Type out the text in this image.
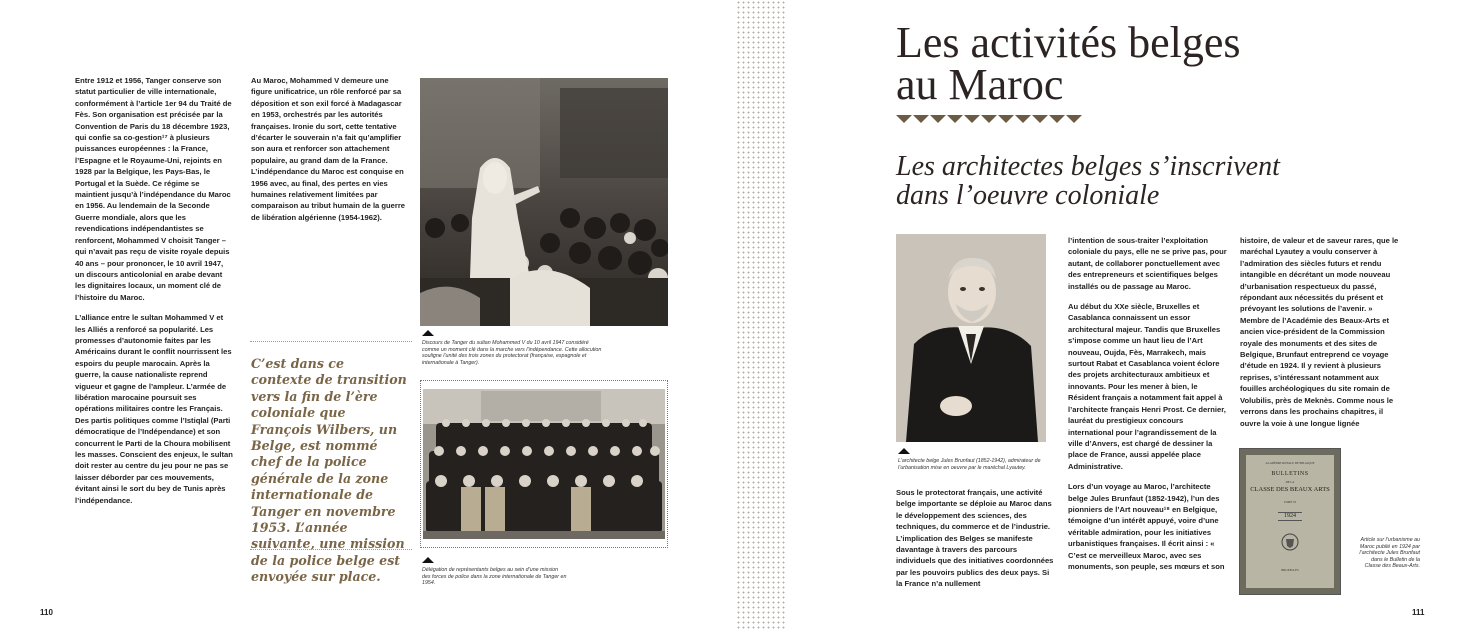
Entre 1912 et 1956, Tanger conserve son statut particulier de ville internationale, conformément à l’article 1er 94 du Traité de Fès. Son organisation est précisée par la Convention de Paris du 18 décembre 1923, qui confie sa co-gestion¹⁷ à plusieurs puissances européennes : la France, l’Espagne et le Royaume-Uni, rejoints en 1928 par la Belgique, les Pays-Bas, le Portugal et la Suède. Ce régime se maintient jusqu’à l’indépendance du Maroc en 1956. Au lendemain de la Seconde Guerre mondiale, alors que les revendications indépendantistes se renforcent, Mohammed V choisit Tanger – qui n’avait pas reçu de visite royale depuis 40 ans – pour prononcer, le 10 avril 1947, un discours anticolonial en arabe devant les dignitaires locaux, un moment clé de l’histoire du Maroc.

L’alliance entre le sultan Mohammed V et les Alliés a renforcé sa popularité. Les promesses d’autonomie faites par les Américains durant le conflit nourrissent les espoirs du peuple marocain. Après la guerre, la cause nationaliste reprend vigueur et gagne de l’ampleur. L’armée de libération marocaine poursuit ses opérations militaires contre les Français. Des partis politiques comme l’Istiqlal (Parti démocratique de l’Indépendance) et son concurrent le Parti de la Choura mobilisent les masses. Conscient des enjeux, le sultan doit rester au centre du jeu pour ne pas se laisser déborder par ces mouvements, évitant ainsi le sort du bey de Tunis après l’indépendance.

Au Maroc, Mohammed V demeure une figure unificatrice, un rôle renforcé par sa déposition et son exil forcé à Madagascar en 1953, orchestrés par les autorités françaises. Ironie du sort, cette tentative d’écarter le souverain n’a fait qu’amplifier son aura et renforcer son attachement populaire, au grand dam de la France. L’indépendance du Maroc est conquise en 1956 avec, au final, des pertes en vies humaines relativement limitées par comparaison au tribut humain de la guerre de libération algérienne (1954-1962).

C’est dans ce contexte de transition vers la fin de l’ère coloniale que François Wilbers, un Belge, est nommé chef de la police générale de la zone internationale de Tanger en novembre 1953. L’année suivante, une mission de la police belge est envoyée sur place.

Discours de Tanger du sultan Mohammed V du 10 avril 1947 considéré comme un moment clé dans la marche vers l’indépendance. Cette allocution souligne l’unité des trois zones du protectorat (française, espagnole et internationale à Tanger).

Délégation de représentants belges au sein d’une mission des forces de police dans la zone internationale de Tanger en 1954.

110
Les activités belges
au Maroc
Les architectes belges s’inscrivent
dans l’oeuvre coloniale

L’architecte belge Jules Brunfaut (1852-1942), admirateur de l’urbanisation mise en oeuvre par le maréchal Lyautey.

Sous le protectorat français, une activité belge importante se déploie au Maroc dans le développement des sciences, des techniques, du commerce et de l’industrie. L’implication des Belges se manifeste davantage à travers des parcours individuels que des initiatives coordonnées par les pouvoirs publics des deux pays. Si la France n’a nullement

l’intention de sous-traiter l’exploitation coloniale du pays, elle ne se prive pas, pour autant, de collaborer ponctuellement avec des entrepreneurs et scientifiques belges installés ou de passage au Maroc.

Au début du XXe siècle, Bruxelles et Casablanca connaissent un essor architectural majeur. Tandis que Bruxelles s’impose comme un haut lieu de l’Art nouveau, Oujda, Fès, Marrakech, mais surtout Rabat et Casablanca voient éclore des projets architecturaux ambitieux et innovants. Pour les mener à bien, le Résident français a notamment fait appel à l’architecte français Henri Prost. Ce dernier, lauréat du prestigieux concours international pour l’agrandissement de la ville d’Anvers, est chargé de dessiner la place de France, aussi appelée place Administrative.

Lors d’un voyage au Maroc, l’architecte belge Jules Brunfaut (1852-1942), l’un des pionniers de l’Art nouveau¹⁸ en Belgique, témoigne d’un intérêt appuyé, voire d’une véritable admiration, pour les initiatives urbanistiques françaises. Il écrit ainsi : « C’est ce merveilleux Maroc, avec ses monuments, son peuple, ses mœurs et son

histoire, de valeur et de saveur rares, que le maréchal Lyautey a voulu conserver à l’admiration des siècles futurs et rendu intangible en décrétant un mode nouveau d’urbanisation respectueux du passé, répondant aux nécessités du présent et prévoyant les solutions de l’avenir. » Membre de l’Académie des Beaux-Arts et ancien vice-président de la Commission royale des monuments et des sites de Belgique, Brunfaut entreprend ce voyage d’étude en 1924. Il y revient à plusieurs reprises, s’intéressant notamment aux fouilles archéologiques du site romain de Volubilis, près de Meknès. Comme nous le verrons dans les prochains chapitres, il ouvre la voie à une longue lignée

ACADÉMIE ROYALE DE BELGIQUE
BULLETINS
DE LA
CLASSE DES BEAUX ARTS
TOME VI
1924
BRUXELLES

Article sur l’urbanisme au Maroc publié en 1924 par l’architecte Jules Brunfaut dans le Bulletin de la Classe des Beaux-Arts.

111
